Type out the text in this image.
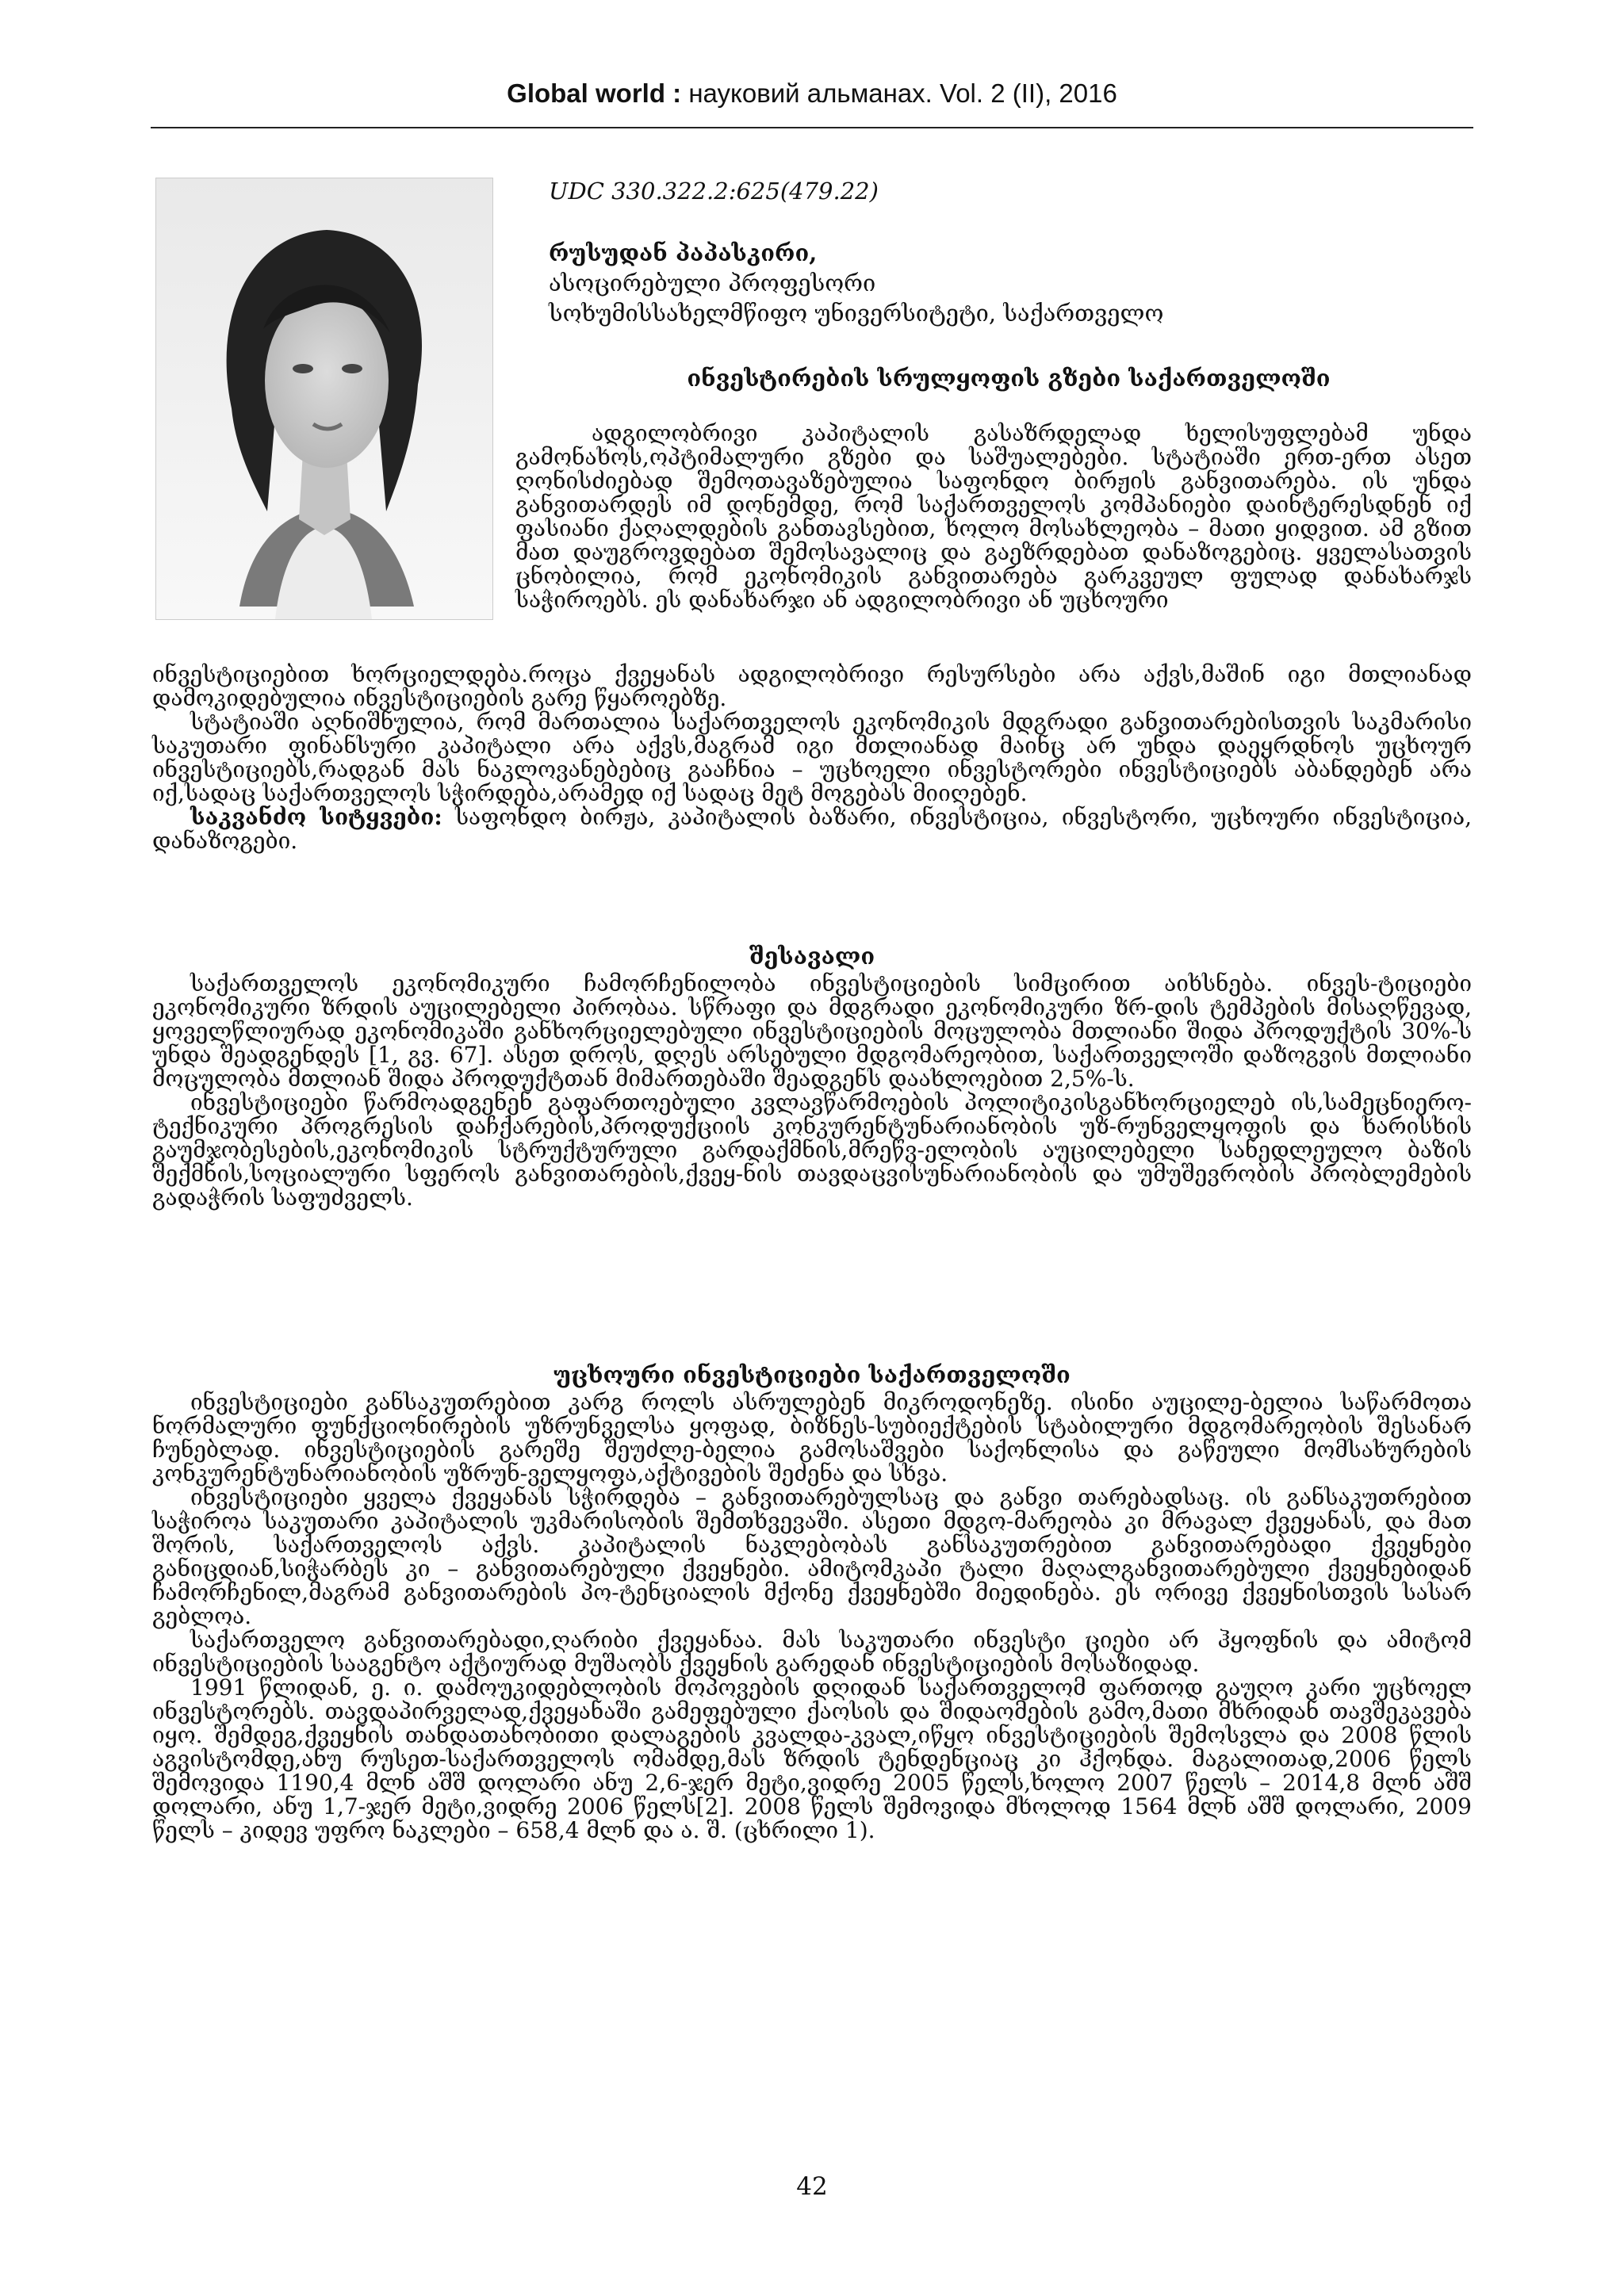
Global world : науковий альманах. Vol. 2 (II), 2016

UDC 330.322.2:625(479.22)

რუსუდან პაპასკირი,

ასოცირებული პროფესორი

სოხუმისსახელმწიფო უნივერსიტეტი, საქართველო

ინვესტირების სრულყოფის გზები საქართველოში

ადგილობრივი კაპიტალის გასაზრდელად ხელისუფლებამ უნდა გამონახოს,ოპტიმალური გზები და საშუალებები. სტატიაში ერთ-ერთ ასეთ ღონისძიებად შემოთავაზებულია საფონდო ბირჟის განვითარება. ის უნდა განვითარდეს იმ დონემდე, რომ საქართველოს კომპანიები დაინტერესდნენ იქ ფასიანი ქაღალდების განთავსებით, ხოლო მოსახლეობა – მათი ყიდვით. ამ გზით მათ დაუგროვდებათ შემოსავალიც და გაეზრდებათ დანაზოგებიც. ყველასათვის ცნობილია, რომ ეკონომიკის განვითარება გარკვეულ ფულად დანახარჯს საჭიროებს. ეს დანახარჯი ან ადგილობრივი ან უცხოური

ინვესტიციებით ხორციელდება.როცა ქვეყანას ადგილობრივი რესურსები არა აქვს,მაშინ იგი მთლიანად დამოკიდებულია ინვესტიციების გარე წყაროებზე.

სტატიაში აღნიშნულია, რომ მართალია საქართველოს ეკონომიკის მდგრადი განვითარებისთვის საკმარისი საკუთარი ფინანსური კაპიტალი არა აქვს,მაგრამ იგი მთლიანად მაინც არ უნდა დაეყრდნოს უცხოურ ინვესტიციებს,რადგან მას ნაკლოვანებებიც გააჩნია – უცხოელი ინვესტორები ინვესტიციებს აბანდებენ არა იქ,სადაც საქართველოს სჭირდება,არამედ იქ სადაც მეტ მოგებას მიიღებენ.

საკვანძო სიტყვები: საფონდო ბირჟა, კაპიტალის ბაზარი, ინვესტიცია, ინვესტორი, უცხოური ინვესტიცია, დანაზოგები.

შესავალი

საქართველოს ეკონომიკური ჩამორჩენილობა ინვესტიციების სიმცირით აიხსნება. ინვეს-ტიციები ეკონომიკური ზრდის აუცილებელი პირობაა. სწრაფი და მდგრადი ეკონომიკური ზრ-დის ტემპების მისაღწევად, ყოველწლიურად ეკონომიკაში განხორციელებული ინვესტიციების მოცულობა მთლიანი შიდა პროდუქტის 30%-ს უნდა შეადგენდეს [1, გვ. 67]. ასეთ დროს, დღეს არსებული მდგომარეობით, საქართველოში დაზოგვის მთლიანი მოცულობა მთლიან შიდა პროდუქტთან მიმართებაში შეადგენს დაახლოებით 2,5%-ს.

ინვესტიციები წარმოადგენენ გაფართოებული კვლავწარმოების პოლიტიკისგანხორციელებ ის,სამეცნიერო-ტექნიკური პროგრესის დაჩქარების,პროდუქციის კონკურენტუნარიანობის უზ-რუნველყოფის და ხარისხის გაუმჯობესების,ეკონომიკის სტრუქტურული გარდაქმნის,მრეწვ-ელობის აუცილებელი სანედლეულო ბაზის შექმნის,სოციალური სფეროს განვითარების,ქვეყ-ნის თავდაცვისუნარიანობის და უმუშევრობის პრობლემების გადაჭრის საფუძველს.

უცხოური ინვესტიციები საქართველოში

ინვესტიციები განსაკუთრებით კარგ როლს ასრულებენ მიკროდონეზე. ისინი აუცილე-ბელია საწარმოთა ნორმალური ფუნქციონირების უზრუნველსა ყოფად, ბიზნეს-სუბიექტების სტაბილური მდგომარეობის შესანარ ჩუნებლად. ინვესტიციების გარეშე შეუძლე-ბელია გამოსაშვები საქონლისა და გაწეული მომსახურების კონკურენტუნარიანობის უზრუნ-ველყოფა,აქტივების შეძენა და სხვა.

ინვესტიციები ყველა ქვეყანას სჭირდება – განვითარებულსაც და განვი თარებადსაც. ის განსაკუთრებით საჭიროა საკუთარი კაპიტალის უკმარისობის შემთხვევაში. ასეთი მდგო-მარეობა კი მრავალ ქვეყანას, და მათ შორის, საქართველოს აქვს. კაპიტალის ნაკლებობას განსაკუთრებით განვითარებადი ქვეყნები განიცდიან,სიჭარბეს კი – განვითარებული ქვეყნები. ამიტომკაპი ტალი მაღალგანვითარებული ქვეყნებიდან ჩამორჩენილ,მაგრამ განვითარების პო-ტენციალის მქონე ქვეყნებში მიედინება. ეს ორივე ქვეყნისთვის სასარ გებლოა.

საქართველო განვითარებადი,ღარიბი ქვეყანაა. მას საკუთარი ინვესტი ციები არ ჰყოფნის და ამიტომ ინვესტიციების სააგენტო აქტიურად მუშაობს ქვეყნის გარედან ინვესტიციების მოსაზიდად.

1991 წლიდან, ე. ი. დამოუკიდებლობის მოპოვების დღიდან საქართველომ ფართოდ გაუღო კარი უცხოელ ინვესტორებს. თავდაპირველად,ქვეყანაში გამეფებული ქაოსის და შიდაომების გამო,მათი მხრიდან თავშეკავება იყო. შემდეგ,ქვეყნის თანდათანობითი დალაგების კვალდა-კვალ,იწყო ინვესტიციების შემოსვლა და 2008 წლის აგვისტომდე,ანუ რუსეთ-საქართველოს ომამდე,მას ზრდის ტენდენციაც კი ჰქონდა. მაგალითად,2006 წელს შემოვიდა 1190,4 მლნ აშშ დოლარი ანუ 2,6-ჯერ მეტი,ვიდრე 2005 წელს,ხოლო 2007 წელს – 2014,8 მლნ აშშ დოლარი, ანუ 1,7-ჯერ მეტი,ვიდრე 2006 წელს[2]. 2008 წელს შემოვიდა მხოლოდ 1564 მლნ აშშ დოლარი, 2009 წელს – კიდევ უფრო ნაკლები – 658,4 მლნ და ა. შ. (ცხრილი 1).

42
